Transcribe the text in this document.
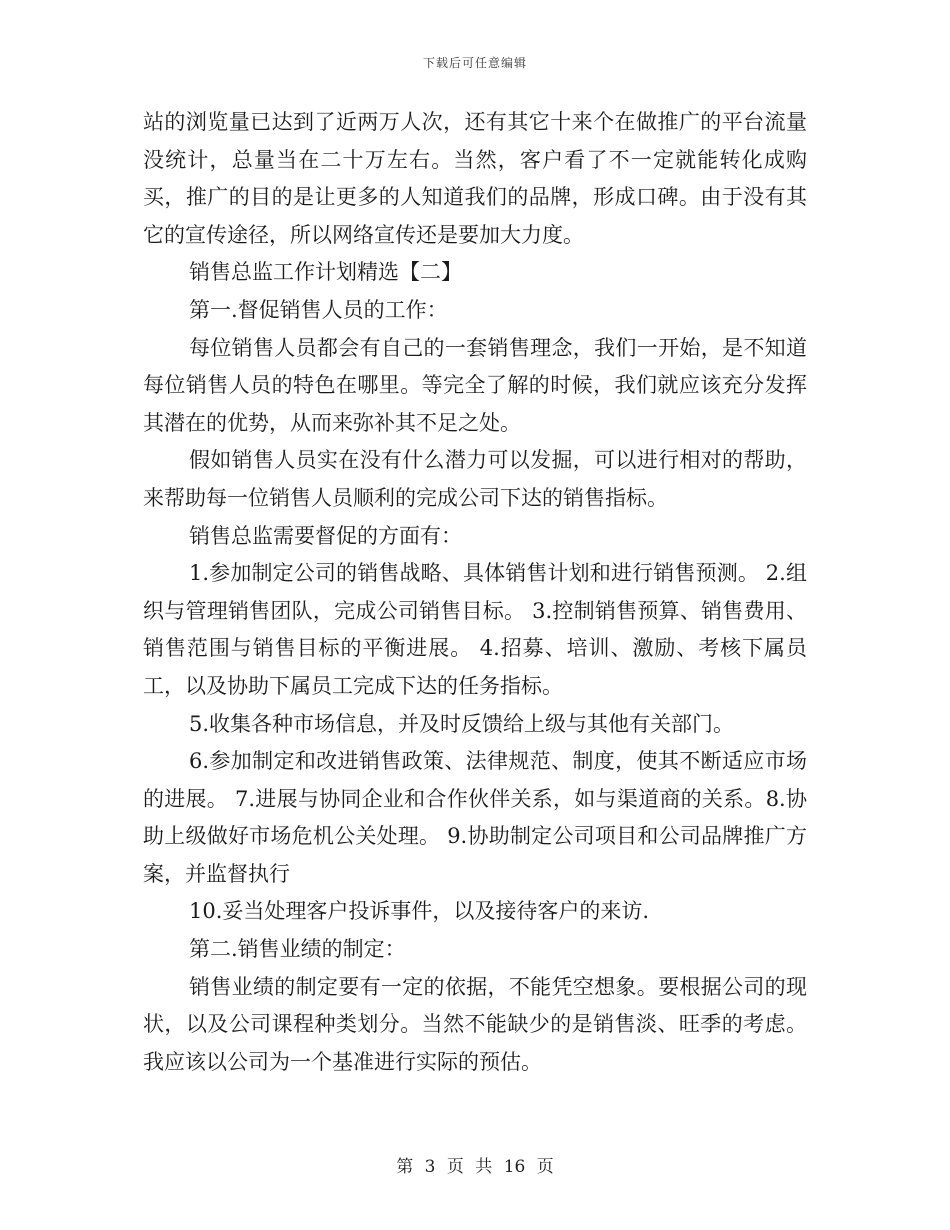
下载后可任意编辑

站的浏览量已达到了近两万人次，还有其它十来个在做推广的平台流量没统计，总量当在二十万左右。当然，客户看了不一定就能转化成购买，推广的目的是让更多的人知道我们的品牌，形成口碑。由于没有其它的宣传途径，所以网络宣传还是要加大力度。

销售总监工作计划精选【二】

第一.督促销售人员的工作：

每位销售人员都会有自己的一套销售理念，我们一开始，是不知道每位销售人员的特色在哪里。等完全了解的时候，我们就应该充分发挥其潜在的优势，从而来弥补其不足之处。

假如销售人员实在没有什么潜力可以发掘，可以进行相对的帮助，来帮助每一位销售人员顺利的完成公司下达的销售指标。

销售总监需要督促的方面有：

1.参加制定公司的销售战略、具体销售计划和进行销售预测。 2.组织与管理销售团队，完成公司销售目标。 3.控制销售预算、销售费用、销售范围与销售目标的平衡进展。 4.招募、培训、激励、考核下属员工，以及协助下属员工完成下达的任务指标。

5.收集各种市场信息，并及时反馈给上级与其他有关部门。

6.参加制定和改进销售政策、法律规范、制度，使其不断适应市场的进展。 7.进展与协同企业和合作伙伴关系，如与渠道商的关系。8.协助上级做好市场危机公关处理。 9.协助制定公司项目和公司品牌推广方案，并监督执行

10.妥当处理客户投诉事件，以及接待客户的来访.

第二.销售业绩的制定：

销售业绩的制定要有一定的依据，不能凭空想象。要根据公司的现状，以及公司课程种类划分。当然不能缺少的是销售淡、旺季的考虑。我应该以公司为一个基准进行实际的预估。

第 3 页 共 16 页
